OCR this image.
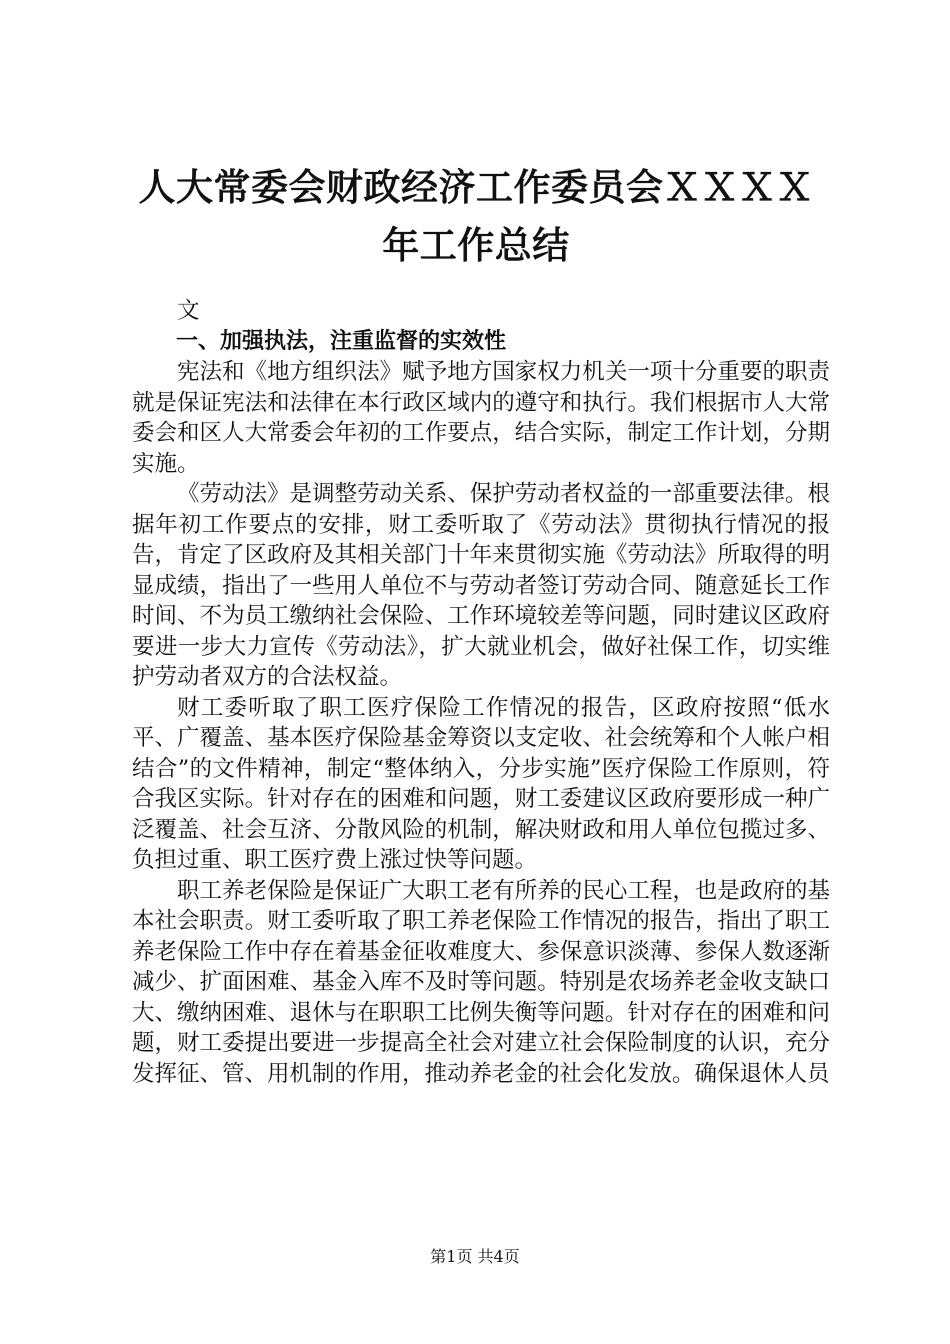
人大常委会财政经济工作委员会ＸＸＸＸ年工作总结

文

一、加强执法，注重监督的实效性

宪法和《地方组织法》赋予地方国家权力机关一项十分重要的职责就是保证宪法和法律在本行政区域内的遵守和执行。我们根据市人大常委会和区人大常委会年初的工作要点，结合实际，制定工作计划，分期实施。

《劳动法》是调整劳动关系、保护劳动者权益的一部重要法律。根据年初工作要点的安排，财工委听取了《劳动法》贯彻执行情况的报告，肯定了区政府及其相关部门十年来贯彻实施《劳动法》所取得的明显成绩，指出了一些用人单位不与劳动者签订劳动合同、随意延长工作时间、不为员工缴纳社会保险、工作环境较差等问题，同时建议区政府要进一步大力宣传《劳动法》，扩大就业机会，做好社保工作，切实维护劳动者双方的合法权益。

财工委听取了职工医疗保险工作情况的报告，区政府按照“低水平、广覆盖、基本医疗保险基金筹资以支定收、社会统筹和个人帐户相结合”的文件精神，制定“整体纳入，分步实施”医疗保险工作原则，符合我区实际。针对存在的困难和问题，财工委建议区政府要形成一种广泛覆盖、社会互济、分散风险的机制，解决财政和用人单位包揽过多、负担过重、职工医疗费上涨过快等问题。

职工养老保险是保证广大职工老有所养的民心工程，也是政府的基本社会职责。财工委听取了职工养老保险工作情况的报告，指出了职工养老保险工作中存在着基金征收难度大、参保意识淡薄、参保人数逐渐减少、扩面困难、基金入库不及时等问题。特别是农场养老金收支缺口大、缴纳困难、退休与在职职工比例失衡等问题。针对存在的困难和问题，财工委提出要进一步提高全社会对建立社会保险制度的认识，充分发挥征、管、用机制的作用，推动养老金的社会化发放。确保退休人员

第1页 共4页
